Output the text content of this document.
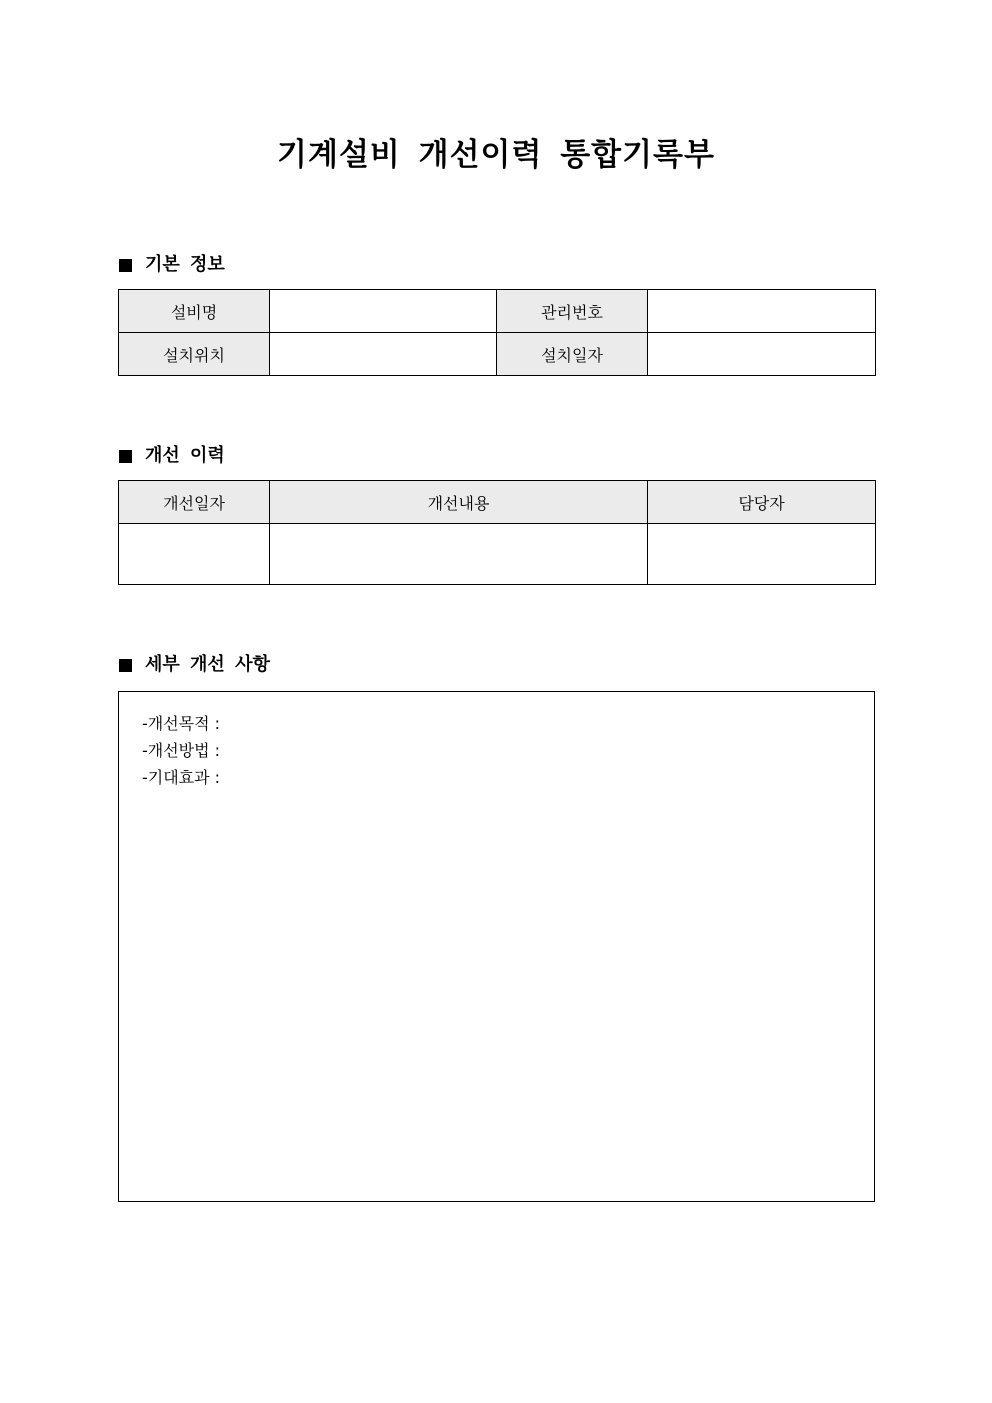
기계설비 개선이력 통합기록부
기본 정보
설비명		관리번호	
설치위치		설치일자	
개선 이력
개선일자	개선내용	담당자

세부 개선 사항
-개선목적 :
-개선방법 :
-기대효과 :
